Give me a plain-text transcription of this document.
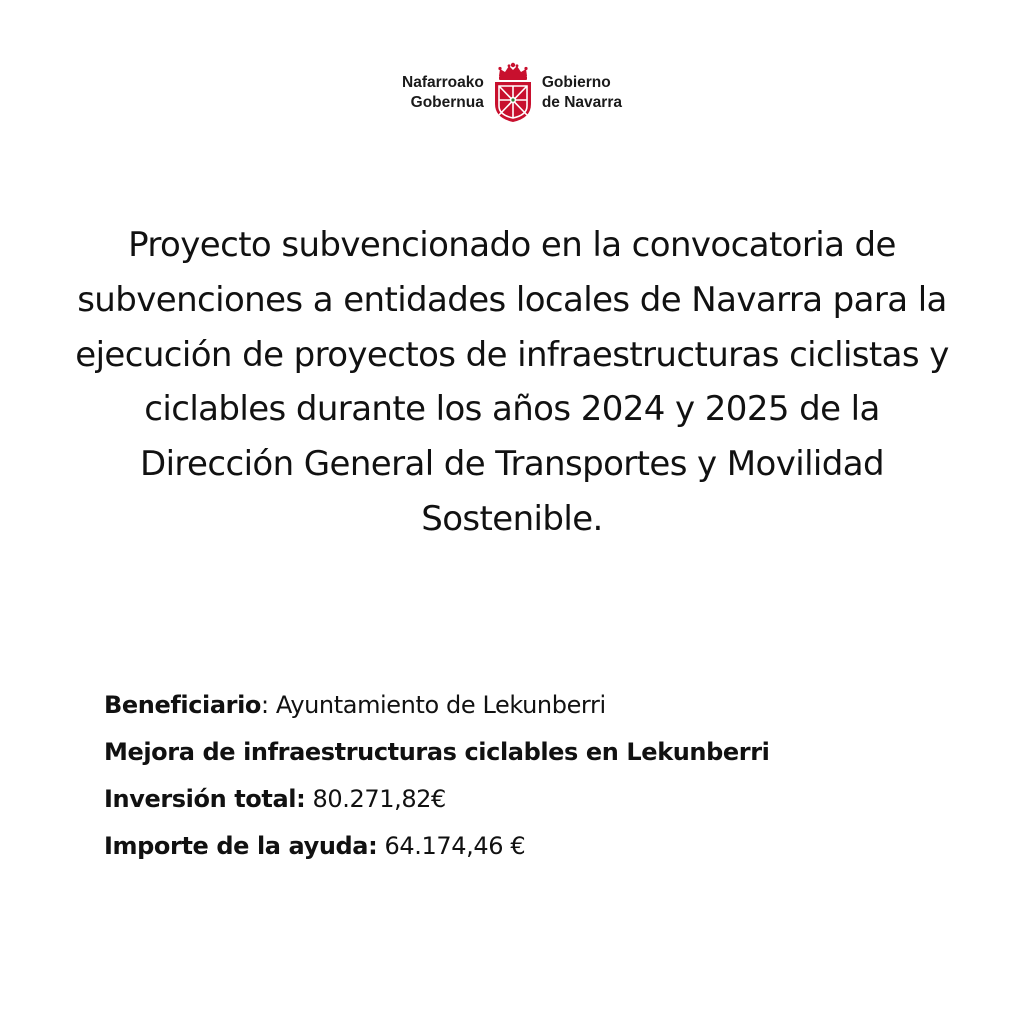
Nafarroako
Gobernua
Gobierno
de Navarra

Proyecto subvencionado en la convocatoria de subvenciones a entidades locales de Navarra para la ejecución de proyectos de infraestructuras ciclistas y ciclables durante los años 2024 y 2025 de la Dirección General de Transportes y Movilidad Sostenible.

Beneficiario: Ayuntamiento de Lekunberri
Mejora de infraestructuras ciclables en Lekunberri
Inversión total: 80.271,82€
Importe de la ayuda: 64.174,46 €
